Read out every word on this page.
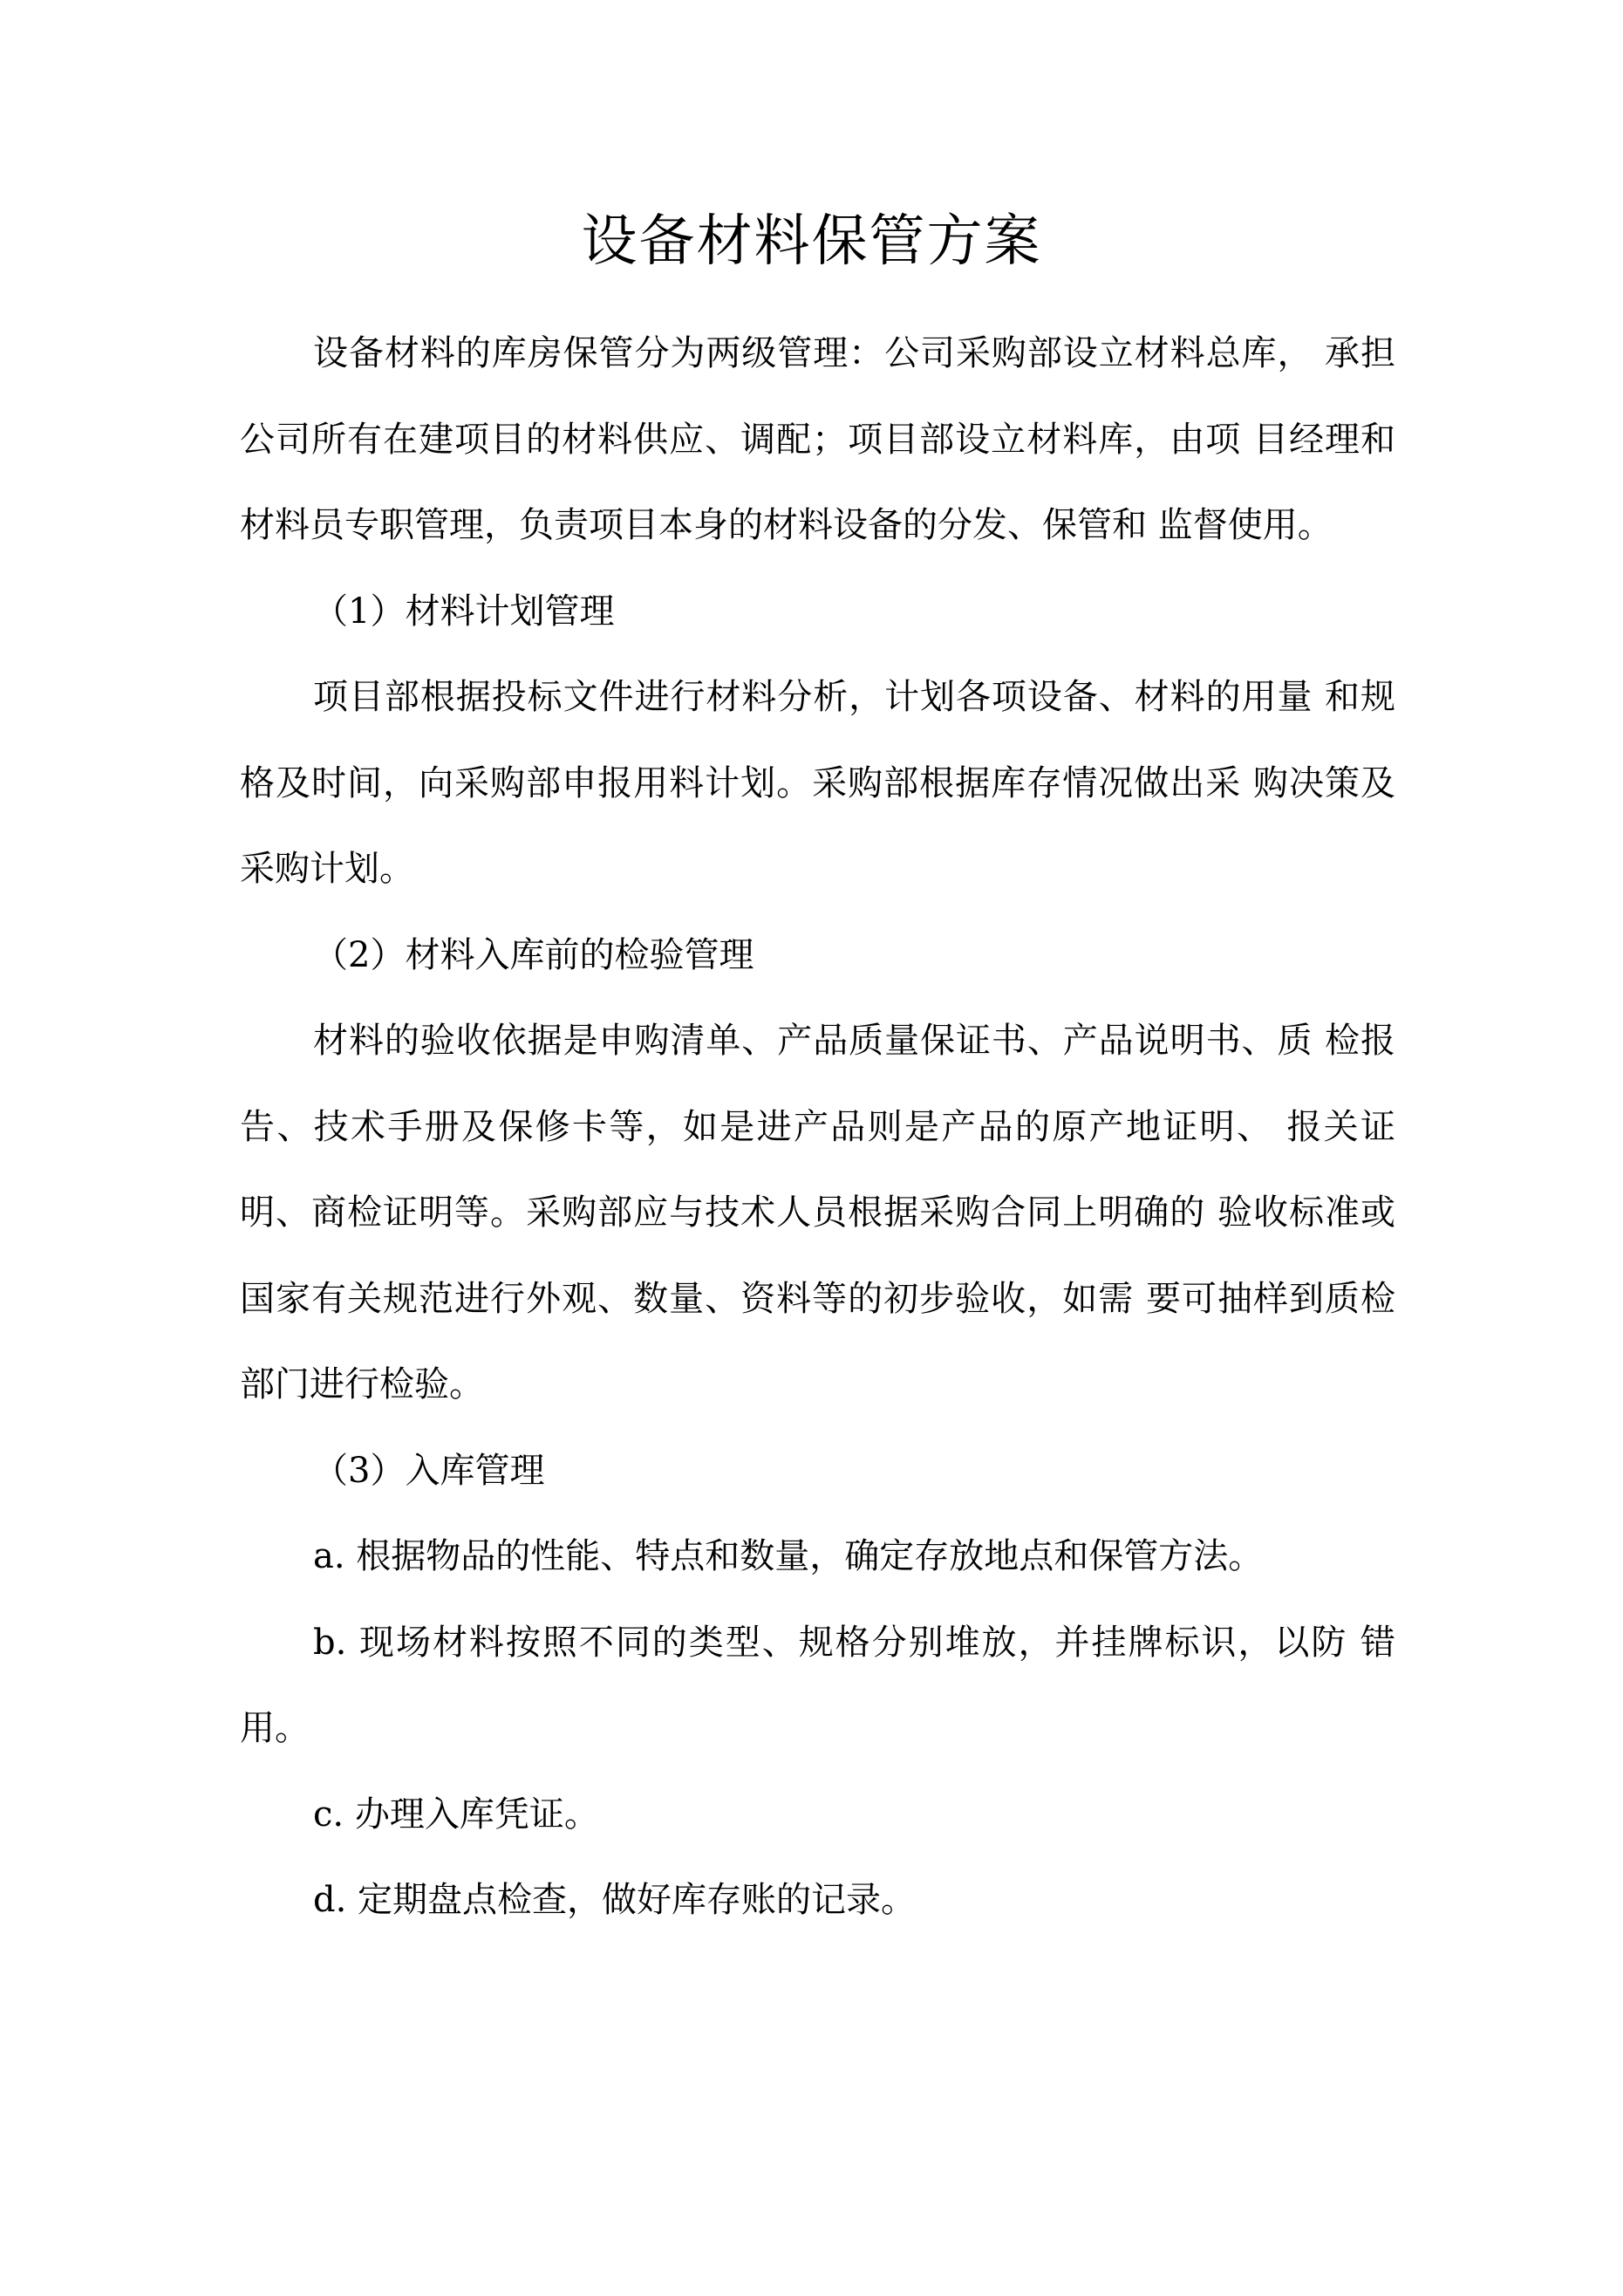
设备材料保管方案

设备材料的库房保管分为两级管理：公司采购部设立材料总库， 承担公司所有在建项目的材料供应、调配；项目部设立材料库，由项 目经理和材料员专职管理，负责项目本身的材料设备的分发、保管和 监督使用。

（1）材料计划管理

项目部根据投标文件进行材料分析，计划各项设备、材料的用量 和规格及时间，向采购部申报用料计划。采购部根据库存情况做出采 购决策及采购计划。

（2）材料入库前的检验管理

材料的验收依据是申购清单、产品质量保证书、产品说明书、质 检报告、技术手册及保修卡等，如是进产品则是产品的原产地证明、 报关证明、商检证明等。采购部应与技术人员根据采购合同上明确的 验收标准或国家有关规范进行外观、数量、资料等的初步验收，如需 要可抽样到质检部门进行检验。

（3）入库管理

a. 根据物品的性能、特点和数量，确定存放地点和保管方法。

b. 现场材料按照不同的类型、规格分别堆放，并挂牌标识，以防 错用。

c. 办理入库凭证。

d. 定期盘点检查，做好库存账的记录。
